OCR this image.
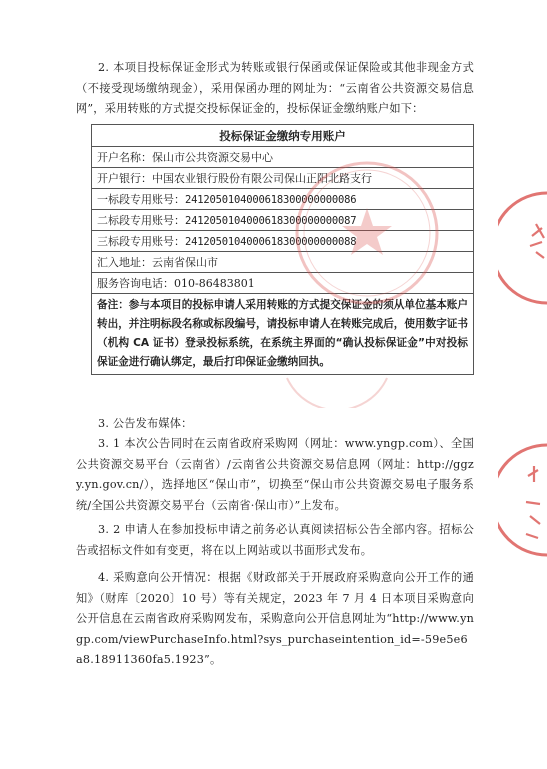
2. 本项目投标保证金形式为转账或银行保函或保证保险或其他非现金方式（不接受现场缴纳现金），采用保函办理的网址为：“云南省公共资源交易信息网”，采用转账的方式提交投标保证金的，投标保证金缴纳账户如下：
投标保证金缴纳专用账户
开户名称：保山市公共资源交易中心
开户银行：中国农业银行股份有限公司保山正阳北路支行
一标段专用账号：2412050104000618300000000086
二标段专用账号：2412050104000618300000000087
三标段专用账号：2412050104000618300000000088
汇入地址：云南省保山市
服务咨询电话：010-86483801
备注：参与本项目的投标申请人采用转账的方式提交保证金的须从单位基本账户转出，并注明标段名称或标段编号，请投标申请人在转账完成后，使用数字证书（机构 CA 证书）登录投标系统，在系统主界面的“确认投标保证金”中对投标保证金进行确认绑定，最后打印保证金缴纳回执。
3. 公告发布媒体：
3. 1 本次公告同时在云南省政府采购网（网址：www.yngp.com）、全国公共资源交易平台（云南省）/云南省公共资源交易信息网（网址：http://ggzy.yn.gov.cn/），选择地区“保山市”，切换至“保山市公共资源交易电子服务系统/全国公共资源交易平台（云南省·保山市）”上发布。
3. 2 申请人在参加投标申请之前务必认真阅读招标公告全部内容。招标公告或招标文件如有变更，将在以上网站或以书面形式发布。
4. 采购意向公开情况：根据《财政部关于开展政府采购意向公开工作的通知》（财库〔2020〕10 号）等有关规定，2023 年 7 月 4 日本项目采购意向公开信息在云南省政府采购网发布，采购意向公开信息网址为“http://www.yngp.com/viewPurchaseInfo.html?sys_purchaseintention_id=-59e5e6a8.18911360fa5.1923”。
